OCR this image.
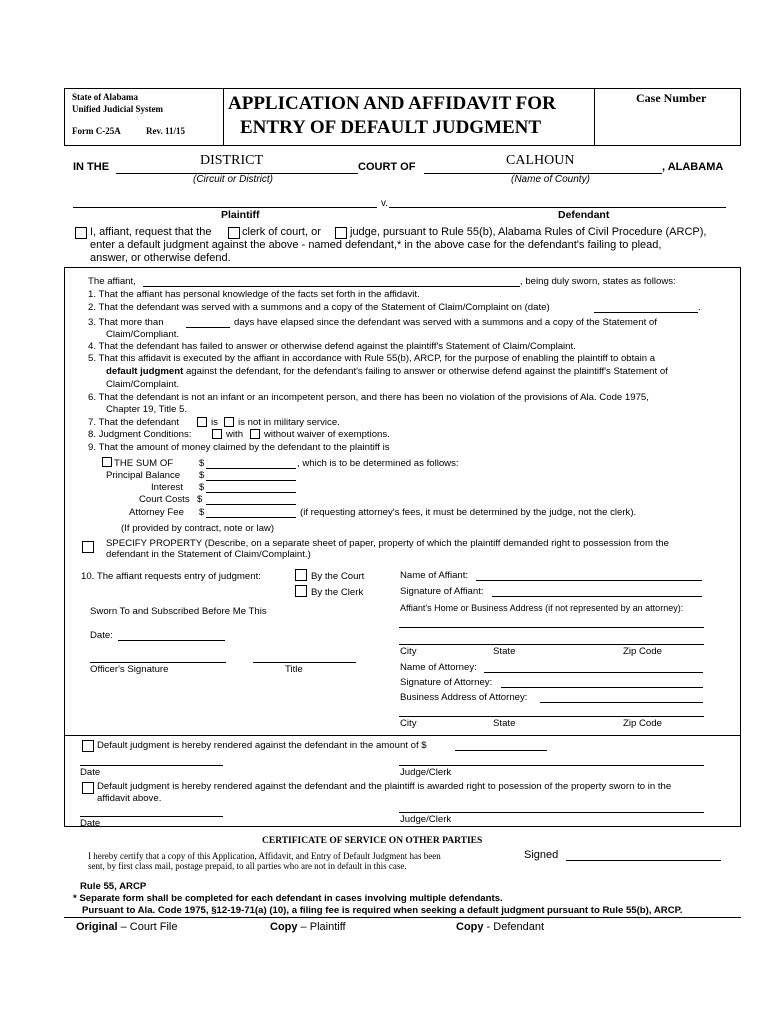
State of Alabama
Unified Judicial System
Form C-25A	Rev. 11/15
APPLICATION AND AFFIDAVIT FOR
ENTRY OF DEFAULT JUDGMENT
Case Number
IN THE	DISTRICT	COURT OF	CALHOUN	, ALABAMA
(Circuit or District)	(Name of County)
v.
Plaintiff	Defendant
I, affiant, request that the	clerk of court, or	judge, pursuant to Rule 55(b), Alabama Rules of Civil Procedure (ARCP),
enter a default judgment against the above - named defendant,* in the above case for the defendant's failing to plead,
answer, or otherwise defend.
The affiant,	, being duly sworn, states as follows:
1. That the affiant has personal knowledge of the facts set forth in the affidavit.
2. That the defendant was served with a summons and a copy of the Statement of Claim/Complaint on (date)	.
3. That more than	days have elapsed since the defendant was served with a summons and a copy of the Statement of
Claim/Compliant.
4. That the defendant has failed to answer or otherwise defend against the plaintiff's Statement of Claim/Complaint.
5. That this affidavit is executed by the affiant in accordance with Rule 55(b), ARCP, for the purpose of enabling the plaintiff to obtain a
default judgment against the defendant, for the defendant's failing to answer or otherwise defend against the plaintiff's Statement of
Claim/Complaint.
6. That the defendant is not an infant or an incompetent person, and there has been no violation of the provisions of Ala. Code 1975,
Chapter 19, Title 5.
7. That the defendant	is is not in military service.
8. Judgment Conditions:	with without waiver of exemptions.
9. That the amount of money claimed by the defendant to the plaintiff is
THE SUM OF	$	, which is to be determined as follows:
Principal Balance $
Interest $
Court Costs $
Attorney Fee $	(if requesting attorney's fees, it must be determined by the judge, not the clerk).
(If provided by contract, note or law)
SPECIFY PROPERTY (Describe, on a separate sheet of paper, property of which the plaintiff demanded right to possession from the
defendant in the Statement of Claim/Complaint.)
10. The affiant requests entry of judgment:	By the Court
By the Clerk
Name of Affiant:
Signature of Affiant:
Affiant's Home or Business Address (if not represented by an attorney):
Sworn To and Subscribed Before Me This
Date:
City	State	Zip Code
Officer's Signature	Title	Name of Attorney:
Signature of Attorney:
Business Address of Attorney:
City	State	Zip Code
Default judgment is hereby rendered against the defendant in the amount of $
Date	Judge/Clerk
Default judgment is hereby rendered against the defendant and the plaintiff is awarded right to posession of the property sworn to in the
affidavit above.
Date	Judge/Clerk
CERTIFICATE OF SERVICE ON OTHER PARTIES
I hereby certify that a copy of this Application, Affidavit, and Entry of Default Judgment has been
sent, by first class mail, postage prepaid, to all parties who are not in default in this case.
Signed
Rule 55, ARCP
* Separate form shall be completed for each defendant in cases involving multiple defendants.
Pursuant to Ala. Code 1975, §12-19-71(a) (10), a filing fee is required when seeking a default judgment pursuant to Rule 55(b), ARCP.
Original – Court File	Copy – Plaintiff	Copy - Defendant
